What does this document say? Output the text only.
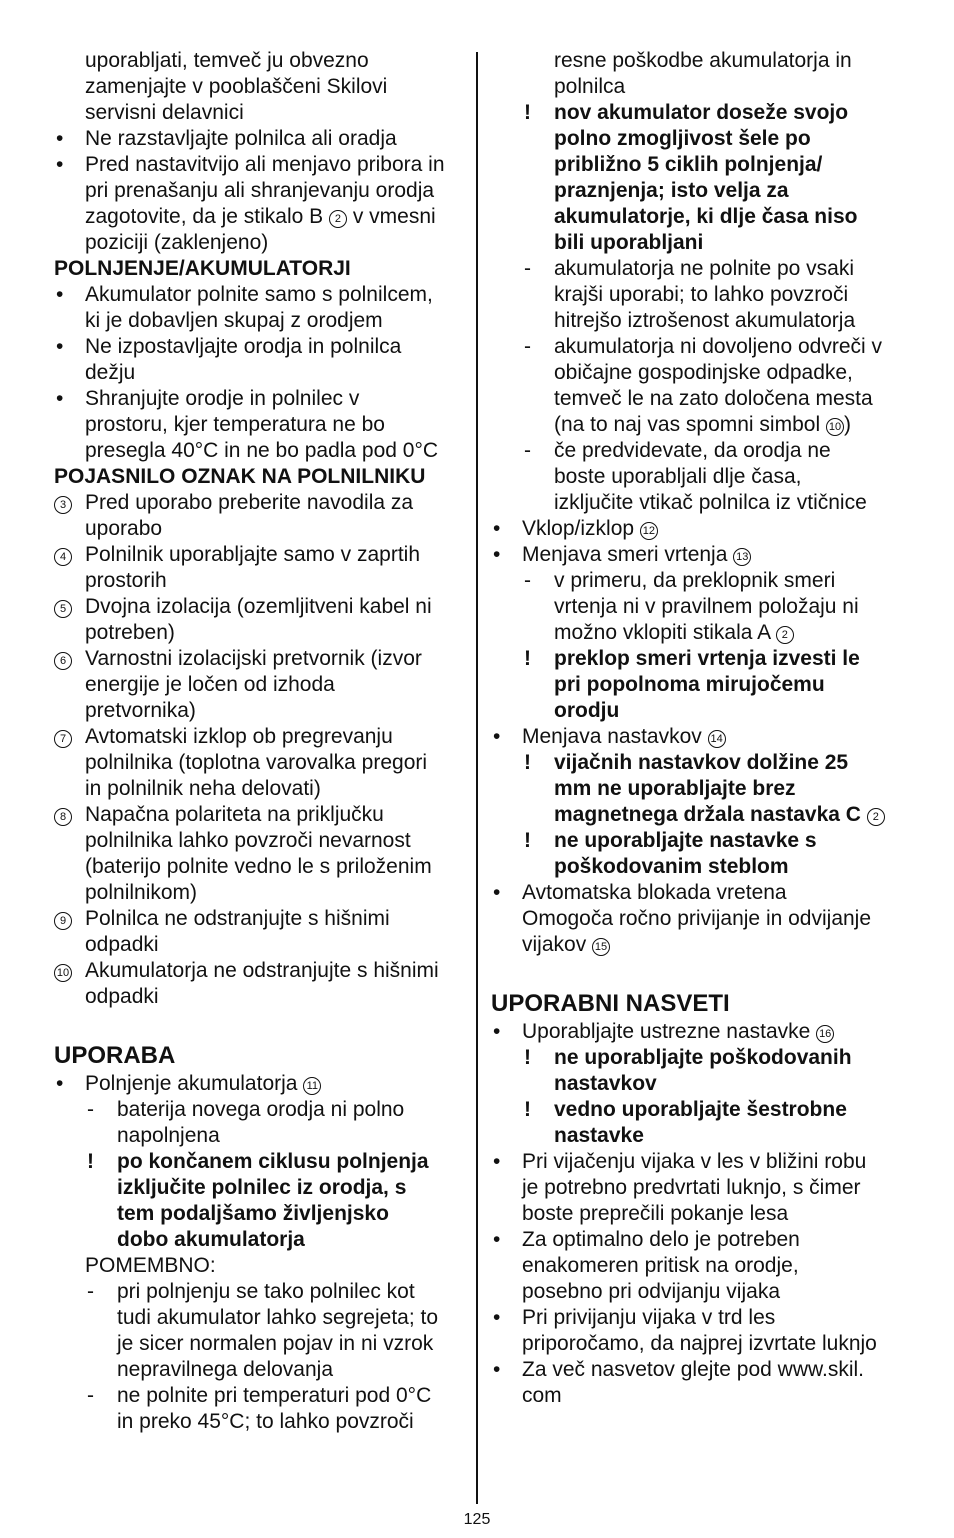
uporabljati, temveč ju obvezno
zamenjajte v pooblaščeni Skilovi
servisni delavnici
• Ne razstavljajte polnilca ali oradja
• Pred nastavitvijo ali menjavo pribora in
pri prenašanju ali shranjevanju orodja
zagotovite, da je stikalo B 2 v vmesni
poziciji (zaklenjeno)
POLNJENJE/AKUMULATORJI
• Akumulator polnite samo s polnilcem,
ki je dobavljen skupaj z orodjem
• Ne izpostavljajte orodja in polnilca
dežju
• Shranjujte orodje in polnilec v
prostoru, kjer temperatura ne bo
presegla 40°C in ne bo padla pod 0°C
POJASNILO OZNAK NA POLNILNIKU
3 Pred uporabo preberite navodila za
uporabo
4 Polnilnik uporabljajte samo v zaprtih
prostorih
5 Dvojna izolacija (ozemljitveni kabel ni
potreben)
6 Varnostni izolacijski pretvornik (izvor
energije je ločen od izhoda
pretvornika)
7 Avtomatski izklop ob pregrevanju
polnilnika (toplotna varovalka pregori
in polnilnik neha delovati)
8 Napačna polariteta na priključku
polnilnika lahko povzroči nevarnost
(baterijo polnite vedno le s priloženim
polnilnikom)
9 Polnilca ne odstranjujte s hišnimi
odpadki
10 Akumulatorja ne odstranjujte s hišnimi
odpadki
UPORABA
• Polnjenje akumulatorja 11
- baterija novega orodja ni polno
napolnjena
! po končanem ciklusu polnjenja
izključite polnilec iz orodja, s
tem podaljšamo življenjsko
dobo akumulatorja
POMEMBNO:
- pri polnjenju se tako polnilec kot
tudi akumulator lahko segrejeta; to
je sicer normalen pojav in ni vzrok
nepravilnega delovanja
- ne polnite pri temperaturi pod 0°C
in preko 45°C; to lahko povzroči
resne poškodbe akumulatorja in
polnilca
! nov akumulator doseže svojo
polno zmogljivost šele po
približno 5 ciklih polnjenja/
praznjenja; isto velja za
akumulatorje, ki dlje časa niso
bili uporabljani
- akumulatorja ne polnite po vsaki
krajši uporabi; to lahko povzroči
hitrejšo iztrošenost akumulatorja
- akumulatorja ni dovoljeno odvreči v
običajne gospodinjske odpadke,
temveč le na zato določena mesta
(na to naj vas spomni simbol 10 )
- če predvidevate, da orodja ne
boste uporabljali dlje časa,
izključite vtikač polnilca iz vtičnice
• Vklop/izklop 12
• Menjava smeri vrtenja 13
- v primeru, da preklopnik smeri
vrtenja ni v pravilnem položaju ni
možno vklopiti stikala A 2
! preklop smeri vrtenja izvesti le
pri popolnoma mirujočemu
orodju
• Menjava nastavkov 14
! vijačnih nastavkov dolžine 25
mm ne uporabljajte brez
magnetnega držala nastavka C 2
! ne uporabljajte nastavke s
poškodovanim steblom
• Avtomatska blokada vretena
Omogoča ročno privijanje in odvijanje
vijakov 15
UPORABNI NASVETI
• Uporabljajte ustrezne nastavke 16
! ne uporabljajte poškodovanih
nastavkov
! vedno uporabljajte šestrobne
nastavke
• Pri vijačenju vijaka v les v bližini robu
je potrebno predvrtati luknjo, s čimer
boste preprečili pokanje lesa
• Za optimalno delo je potreben
enakomeren pritisk na orodje,
posebno pri odvijanju vijaka
• Pri privijanju vijaka v trd les
priporočamo, da najprej izvrtate luknjo
• Za več nasvetov glejte pod www.skil.
com
125
